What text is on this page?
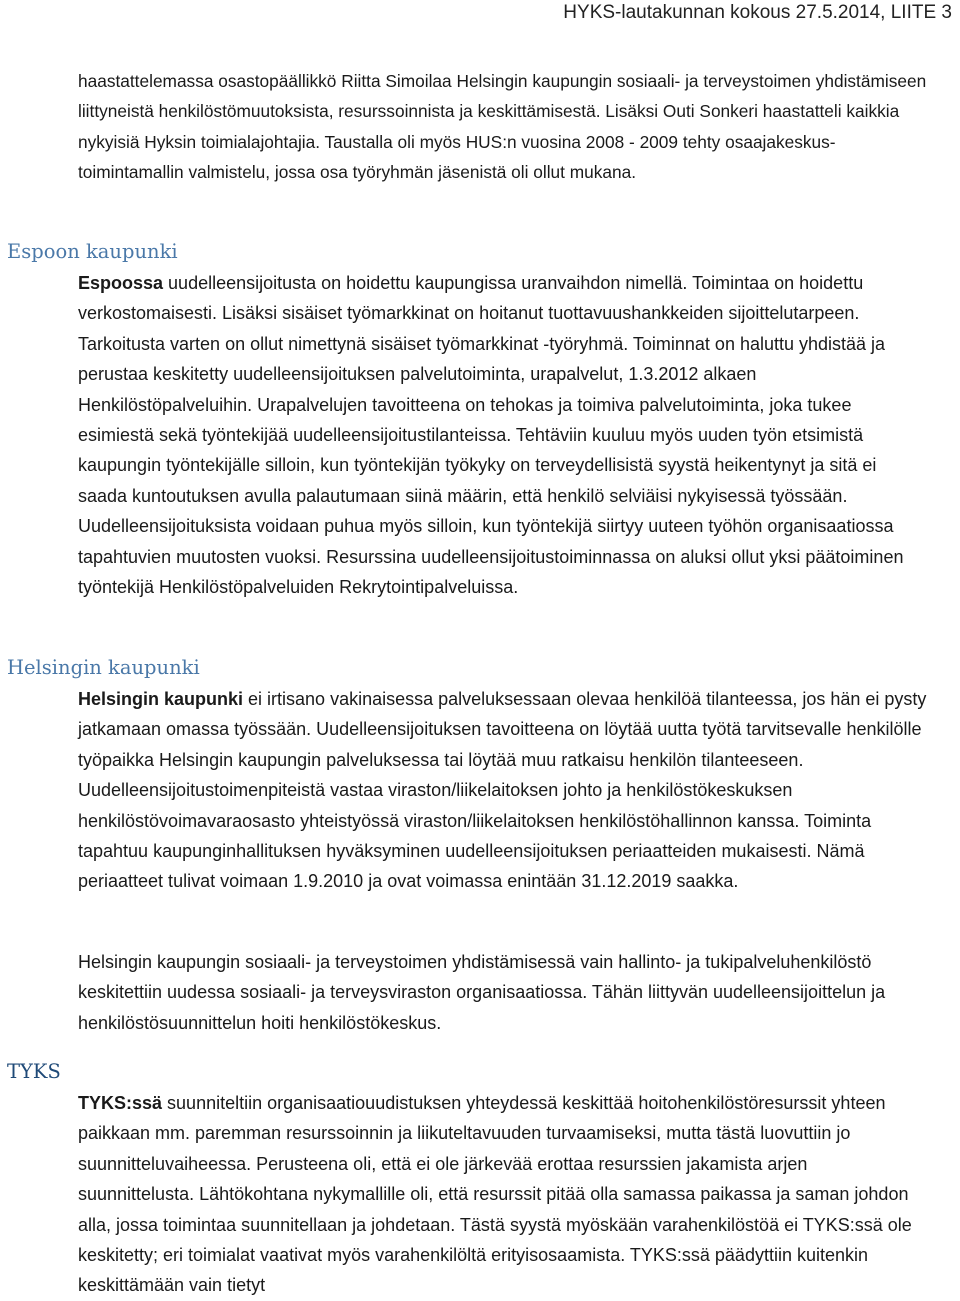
HYKS-lautakunnan kokous 27.5.2014, LIITE 3

haastattelemassa osastopäällikkö Riitta Simoilaa Helsingin kaupungin sosiaali- ja terveystoimen yhdistämiseen liittyneistä henkilöstömuutoksista, resurssoinnista ja keskittämisestä. Lisäksi Outi Sonkeri haastatteli kaikkia nykyisiä Hyksin toimialajohtajia. Taustalla oli myös HUS:n vuosina 2008 - 2009 tehty osaajakeskus-toimintamallin valmistelu, jossa osa työryhmän jäsenistä oli ollut mukana.

Espoon kaupunki

Espoossa uudelleensijoitusta on hoidettu kaupungissa uranvaihdon nimellä. Toimintaa on hoidettu verkostomaisesti. Lisäksi sisäiset työmarkkinat on hoitanut tuottavuushankkeiden sijoittelutarpeen. Tarkoitusta varten on ollut nimettynä sisäiset työmarkkinat -työryhmä. Toiminnat on haluttu yhdistää ja perustaa keskitetty uudelleensijoituksen palvelutoiminta, urapalvelut, 1.3.2012 alkaen Henkilöstöpalveluihin. Urapalvelujen tavoitteena on tehokas ja toimiva palvelutoiminta, joka tukee esimiestä sekä työntekijää uudelleensijoitustilanteissa. Tehtäviin kuuluu myös uuden työn etsimistä kaupungin työntekijälle silloin, kun työntekijän työkyky on terveydellisistä syystä heikentynyt ja sitä ei saada kuntoutuksen avulla palautumaan siinä määrin, että henkilö selviäisi nykyisessä työssään. Uudelleensijoituksista voidaan puhua myös silloin, kun työntekijä siirtyy uuteen työhön organisaatiossa tapahtuvien muutosten vuoksi. Resurssina uudelleensijoitustoiminnassa on aluksi ollut yksi päätoiminen työntekijä Henkilöstöpalveluiden Rekrytointipalveluissa.

Helsingin kaupunki

Helsingin kaupunki ei irtisano vakinaisessa palveluksessaan olevaa henkilöä tilanteessa, jos hän ei pysty jatkamaan omassa työssään. Uudelleensijoituksen tavoitteena on löytää uutta työtä tarvitsevalle henkilölle työpaikka Helsingin kaupungin palveluksessa tai löytää muu ratkaisu henkilön tilanteeseen. Uudelleensijoitustoimenpiteistä vastaa viraston/liikelaitoksen johto ja henkilöstökeskuksen henkilöstövoimavaraosasto yhteistyössä viraston/liikelaitoksen henkilöstöhallinnon kanssa. Toiminta tapahtuu kaupunginhallituksen hyväksyminen uudelleensijoituksen periaatteiden mukaisesti. Nämä periaatteet tulivat voimaan 1.9.2010 ja ovat voimassa enintään 31.12.2019 saakka.

Helsingin kaupungin sosiaali- ja terveystoimen yhdistämisessä vain hallinto- ja tukipalveluhenkilöstö keskitettiin uudessa sosiaali- ja terveysviraston organisaatiossa. Tähän liittyvän uudelleensijoittelun ja henkilöstösuunnittelun hoiti henkilöstökeskus.

TYKS

TYKS:ssä suunniteltiin organisaatiouudistuksen yhteydessä keskittää hoitohenkilöstöresurssit yhteen paikkaan mm. paremman resurssoinnin ja liikuteltavuuden turvaamiseksi, mutta tästä luovuttiin jo suunnitteluvaiheessa. Perusteena oli, että ei ole järkevää erottaa resurssien jakamista arjen suunnittelusta. Lähtökohtana nykymallille oli, että resurssit pitää olla samassa paikassa ja saman johdon alla, jossa toimintaa suunnitellaan ja johdetaan. Tästä syystä myöskään varahenkilöstöä ei TYKS:ssä ole keskitetty; eri toimialat vaativat myös varahenkilöltä erityisosaamista. TYKS:ssä päädyttiin kuitenkin keskittämään vain tietyt
